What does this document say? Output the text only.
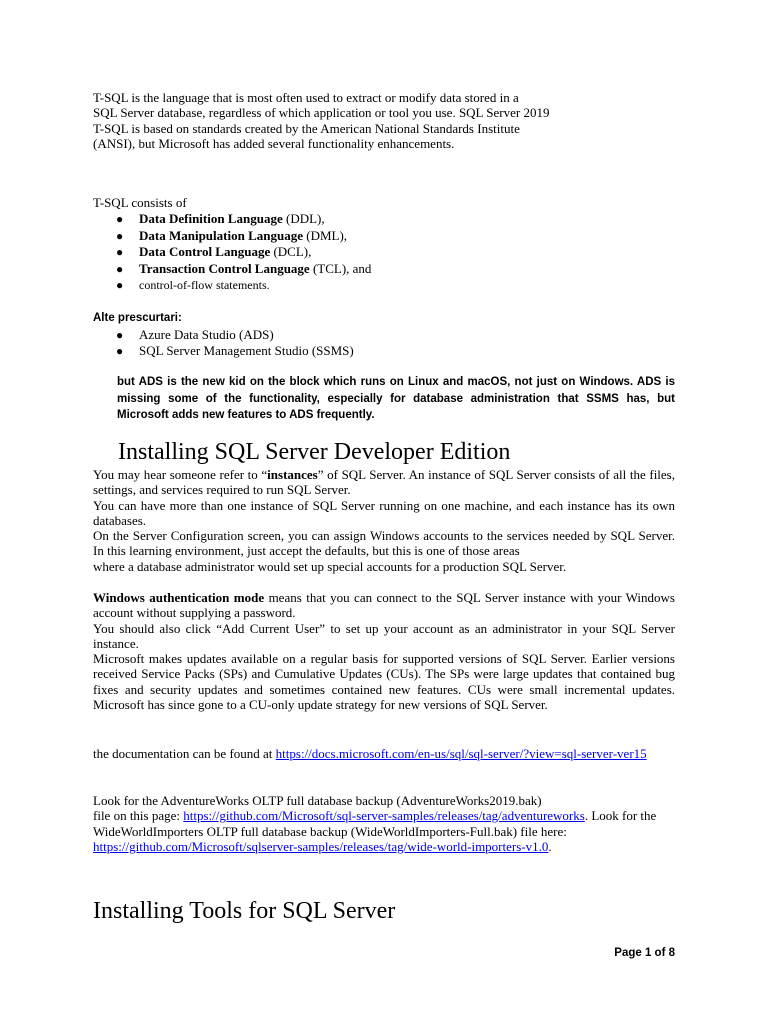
T-SQL is the language that is most often used to extract or modify data stored in a

SQL Server database, regardless of which application or tool you use. SQL Server 2019

T-SQL is based on standards created by the American National Standards Institute

(ANSI), but Microsoft has added several functionality enhancements.

T-SQL consists of

● Data Definition Language (DDL),
● Data Manipulation Language (DML),
● Data Control Language (DCL),
● Transaction Control Language (TCL), and
● control-of-flow statements.

Alte prescurtari:

● Azure Data Studio (ADS)
● SQL Server Management Studio (SSMS)
but ADS is the new kid on the block which runs on Linux and macOS, not just on Windows. ADS is missing some of the functionality, especially for database administration that SSMS has, but Microsoft adds new features to ADS frequently.
Installing SQL Server Developer Edition

You may hear someone refer to “instances” of SQL Server. An instance of SQL Server consists of all the files, settings, and services required to run SQL Server.

You can have more than one instance of SQL Server running on one machine, and each instance has its own databases.

On the Server Configuration screen, you can assign Windows accounts to the services needed by SQL Server. In this learning environment, just accept the defaults, but this is one of those areas

where a database administrator would set up special accounts for a production SQL Server.

Windows authentication mode means that you can connect to the SQL Server instance with your Windows account without supplying a password.

You should also click “Add Current User” to set up your account as an administrator in your SQL Server instance.

Microsoft makes updates available on a regular basis for supported versions of SQL Server. Earlier versions received Service Packs (SPs) and Cumulative Updates (CUs). The SPs were large updates that contained bug fixes and security updates and sometimes contained new features. CUs were small incremental updates. Microsoft has since gone to a CU-only update strategy for new versions of SQL Server.

the documentation can be found at https://docs.microsoft.com/en-us/sql/sql-server/?view=sql-server-ver15

Look for the AdventureWorks OLTP full database backup (AdventureWorks2019.bak)

file on this page: https://github.com/Microsoft/sql-server-samples/releases/tag/adventureworks. Look for the WideWorldImporters OLTP full database backup (WideWorldImporters-Full.bak) file here:

https://github.com/Microsoft/sqlserver-samples/releases/tag/wide-world-importers-v1.0.

Installing Tools for SQL Server
Page 1 of 8
